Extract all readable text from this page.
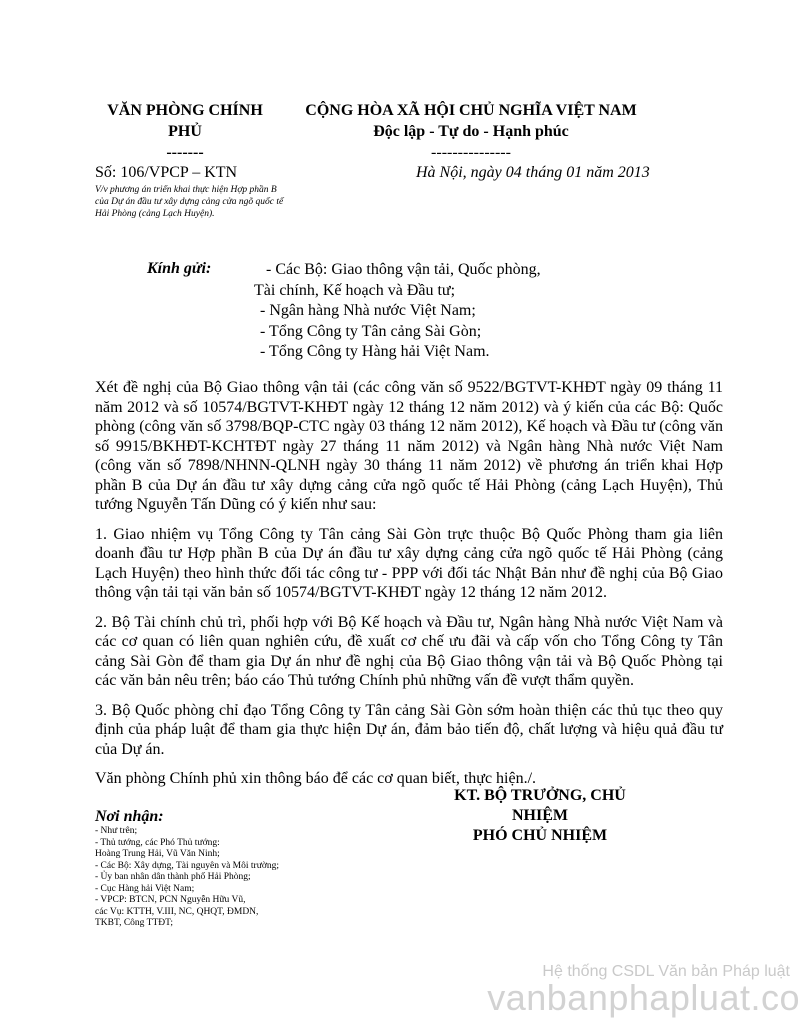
VĂN PHÒNG CHÍNH
PHỦ
-------
CỘNG HÒA XÃ HỘI CHỦ NGHĨA VIỆT NAM
Độc lập - Tự do - Hạnh phúc
---------------
Số: 106/VPCP – KTN
V/v phương án triển khai thực hiện Hợp phần B của Dự án đầu tư xây dựng cảng cửa ngõ quốc tế Hải Phòng (cảng Lạch Huyện).
Hà Nội, ngày 04 tháng 01 năm 2013
Kính gửi:	- Các Bộ: Giao thông vận tải, Quốc phòng,
Tài chính, Kế hoạch và Đầu tư;
- Ngân hàng Nhà nước Việt Nam;
- Tổng Công ty Tân cảng Sài Gòn;
- Tổng Công ty Hàng hải Việt Nam.

Xét đề nghị của Bộ Giao thông vận tải (các công văn số 9522/BGTVT-KHĐT ngày 09 tháng 11 năm 2012 và số 10574/BGTVT-KHĐT ngày 12 tháng 12 năm 2012) và ý kiến của các Bộ: Quốc phòng (công văn số 3798/BQP-CTC ngày 03 tháng 12 năm 2012), Kế hoạch và Đầu tư (công văn số 9915/BKHĐT-KCHTĐT ngày 27 tháng 11 năm 2012) và Ngân hàng Nhà nước Việt Nam (công văn số 7898/NHNN-QLNH ngày 30 tháng 11 năm 2012) về phương án triển khai Hợp phần B của Dự án đầu tư xây dựng cảng cửa ngõ quốc tế Hải Phòng (cảng Lạch Huyện), Thủ tướng Nguyễn Tấn Dũng có ý kiến như sau:

1. Giao nhiệm vụ Tổng Công ty Tân cảng Sài Gòn trực thuộc Bộ Quốc Phòng tham gia liên doanh đầu tư Hợp phần B của Dự án đầu tư xây dựng cảng cửa ngõ quốc tế Hải Phòng (cảng Lạch Huyện) theo hình thức đối tác công tư - PPP với đối tác Nhật Bản như đề nghị của Bộ Giao thông vận tải tại văn bản số 10574/BGTVT-KHĐT ngày 12 tháng 12 năm 2012.

2. Bộ Tài chính chủ trì, phối hợp với Bộ Kế hoạch và Đầu tư, Ngân hàng Nhà nước Việt Nam và các cơ quan có liên quan nghiên cứu, đề xuất cơ chế ưu đãi và cấp vốn cho Tổng Công ty Tân cảng Sài Gòn để tham gia Dự án như đề nghị của Bộ Giao thông vận tải và Bộ Quốc Phòng tại các văn bản nêu trên; báo cáo Thủ tướng Chính phủ những vấn đề vượt thẩm quyền.

3. Bộ Quốc phòng chỉ đạo Tổng Công ty Tân cảng Sài Gòn sớm hoàn thiện các thủ tục theo quy định của pháp luật để tham gia thực hiện Dự án, đảm bảo tiến độ, chất lượng và hiệu quả đầu tư của Dự án.

Văn phòng Chính phủ xin thông báo để các cơ quan biết, thực hiện./.

KT. BỘ TRƯỞNG, CHỦ
NHIỆM
PHÓ CHỦ NHIỆM
Nơi nhận:
- Như trên;
- Thủ tướng, các Phó Thủ tướng:
Hoàng Trung Hải, Vũ Văn Ninh;
- Các Bộ: Xây dựng, Tài nguyên và Môi trường;
- Ủy ban nhân dân thành phố Hải Phòng;
- Cục Hàng hải Việt Nam;
- VPCP: BTCN, PCN Nguyễn Hữu Vũ,
các Vụ: KTTH, V.III, NC, QHQT, ĐMDN,
TKBT, Công TTĐT;
Hệ thống CSDL Văn bản Pháp luật
vanbanphapluat.co
